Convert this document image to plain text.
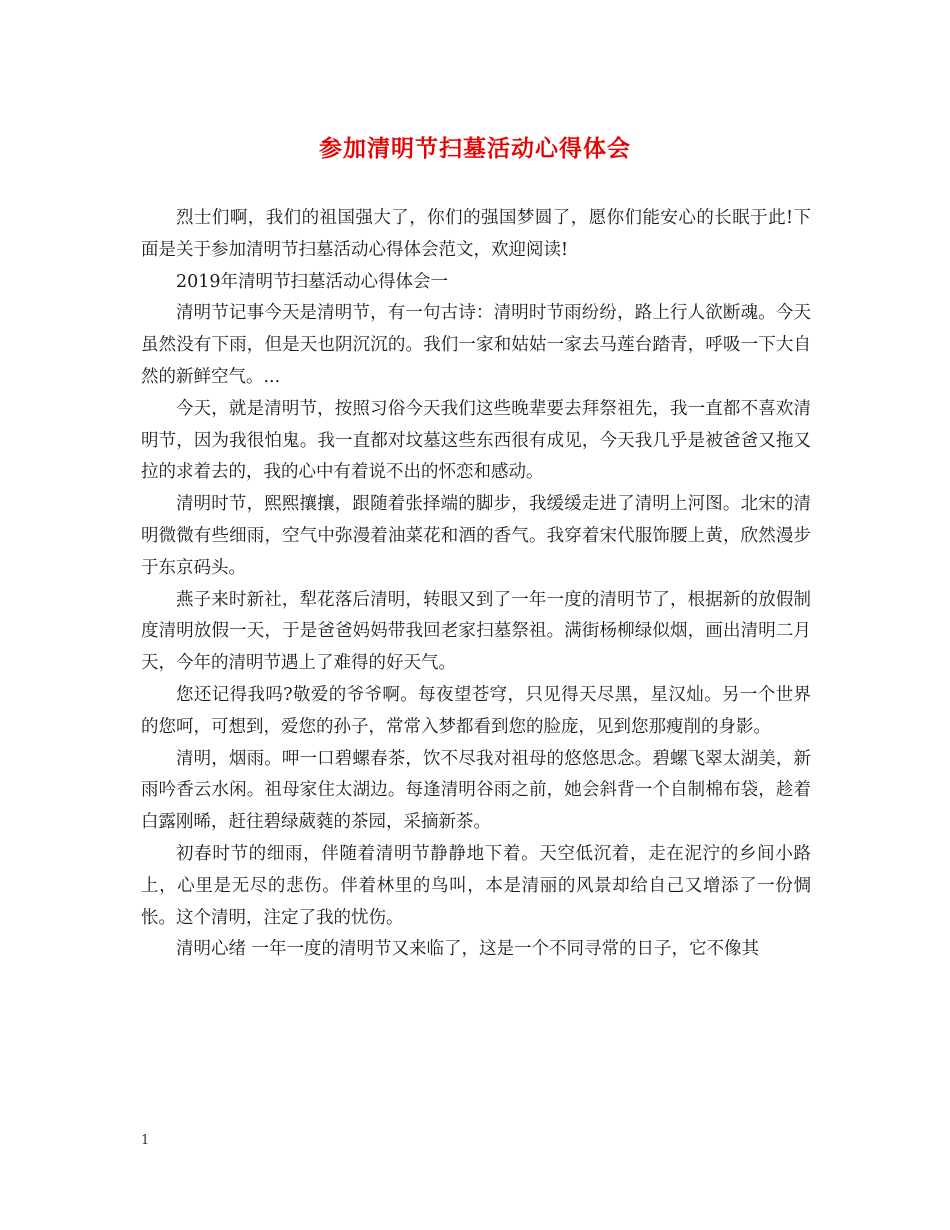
参加清明节扫墓活动心得体会

烈士们啊，我们的祖国强大了，你们的强国梦圆了，愿你们能安心的长眠于此!下面是关于参加清明节扫墓活动心得体会范文，欢迎阅读!

2019年清明节扫墓活动心得体会一

清明节记事今天是清明节，有一句古诗：清明时节雨纷纷，路上行人欲断魂。今天虽然没有下雨，但是天也阴沉沉的。我们一家和姑姑一家去马莲台踏青，呼吸一下大自然的新鲜空气。...

今天，就是清明节，按照习俗今天我们这些晚辈要去拜祭祖先，我一直都不喜欢清明节，因为我很怕鬼。我一直都对坟墓这些东西很有成见，今天我几乎是被爸爸又拖又拉的求着去的，我的心中有着说不出的怀恋和感动。

清明时节，熙熙攘攘，跟随着张择端的脚步，我缓缓走进了清明上河图。北宋的清明微微有些细雨，空气中弥漫着油菜花和酒的香气。我穿着宋代服饰腰上黄，欣然漫步于东京码头。

燕子来时新社，犁花落后清明，转眼又到了一年一度的清明节了，根据新的放假制度清明放假一天，于是爸爸妈妈带我回老家扫墓祭祖。满街杨柳绿似烟，画出清明二月天，今年的清明节遇上了难得的好天气。

您还记得我吗?敬爱的爷爷啊。每夜望苍穹，只见得天尽黑，星汉灿。另一个世界的您呵，可想到，爱您的孙子，常常入梦都看到您的脸庞，见到您那瘦削的身影。

清明，烟雨。呷一口碧螺春茶，饮不尽我对祖母的悠悠思念。碧螺飞翠太湖美，新雨吟香云水闲。祖母家住太湖边。每逢清明谷雨之前，她会斜背一个自制棉布袋，趁着白露刚晞，赶往碧绿葳蕤的茶园，采摘新茶。

初春时节的细雨，伴随着清明节静静地下着。天空低沉着，走在泥泞的乡间小路上，心里是无尽的悲伤。伴着林里的鸟叫，本是清丽的风景却给自己又增添了一份惆怅。这个清明，注定了我的忧伤。

清明心绪 一年一度的清明节又来临了，这是一个不同寻常的日子，它不像其

1
